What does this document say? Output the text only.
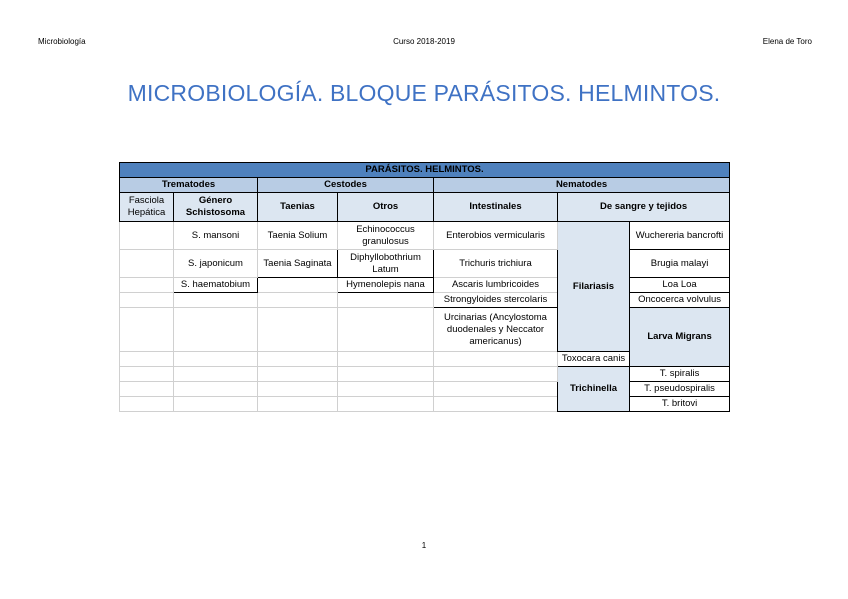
Microbiología	Curso 2018-2019	Elena de Toro
MICROBIOLOGÍA. BLOQUE PARÁSITOS. HELMINTOS.
PARÁSITOS. HELMINTOS.							
Trematodes		Cestodes		Nematodes			
Fasciola Hepática	Género Schistosoma	Taenias	Otros	Intestinales	De sangre y tejidos		
	S. mansoni	Taenia Solium	Echinococcus granulosus	Enterobios vermicularis	Filariasis	Wuchereria bancrofti	
	S. japonicum	Taenia Saginata	Diphyllobothrium Latum	Trichuris trichiura		Brugia malayi	
	S. haematobium		Hymenolepis nana	Ascaris lumbricoides		Loa Loa	
				Strongyloides stercolaris		Oncocerca volvulus	
				Urcinarias (Ancylostoma duodenales y Neccator americanus)		Larva Migrans	
					Toxocara canis		
					Trichinella	T. spiralis	
						T. pseudospiralis	
						T. britovi	
1
